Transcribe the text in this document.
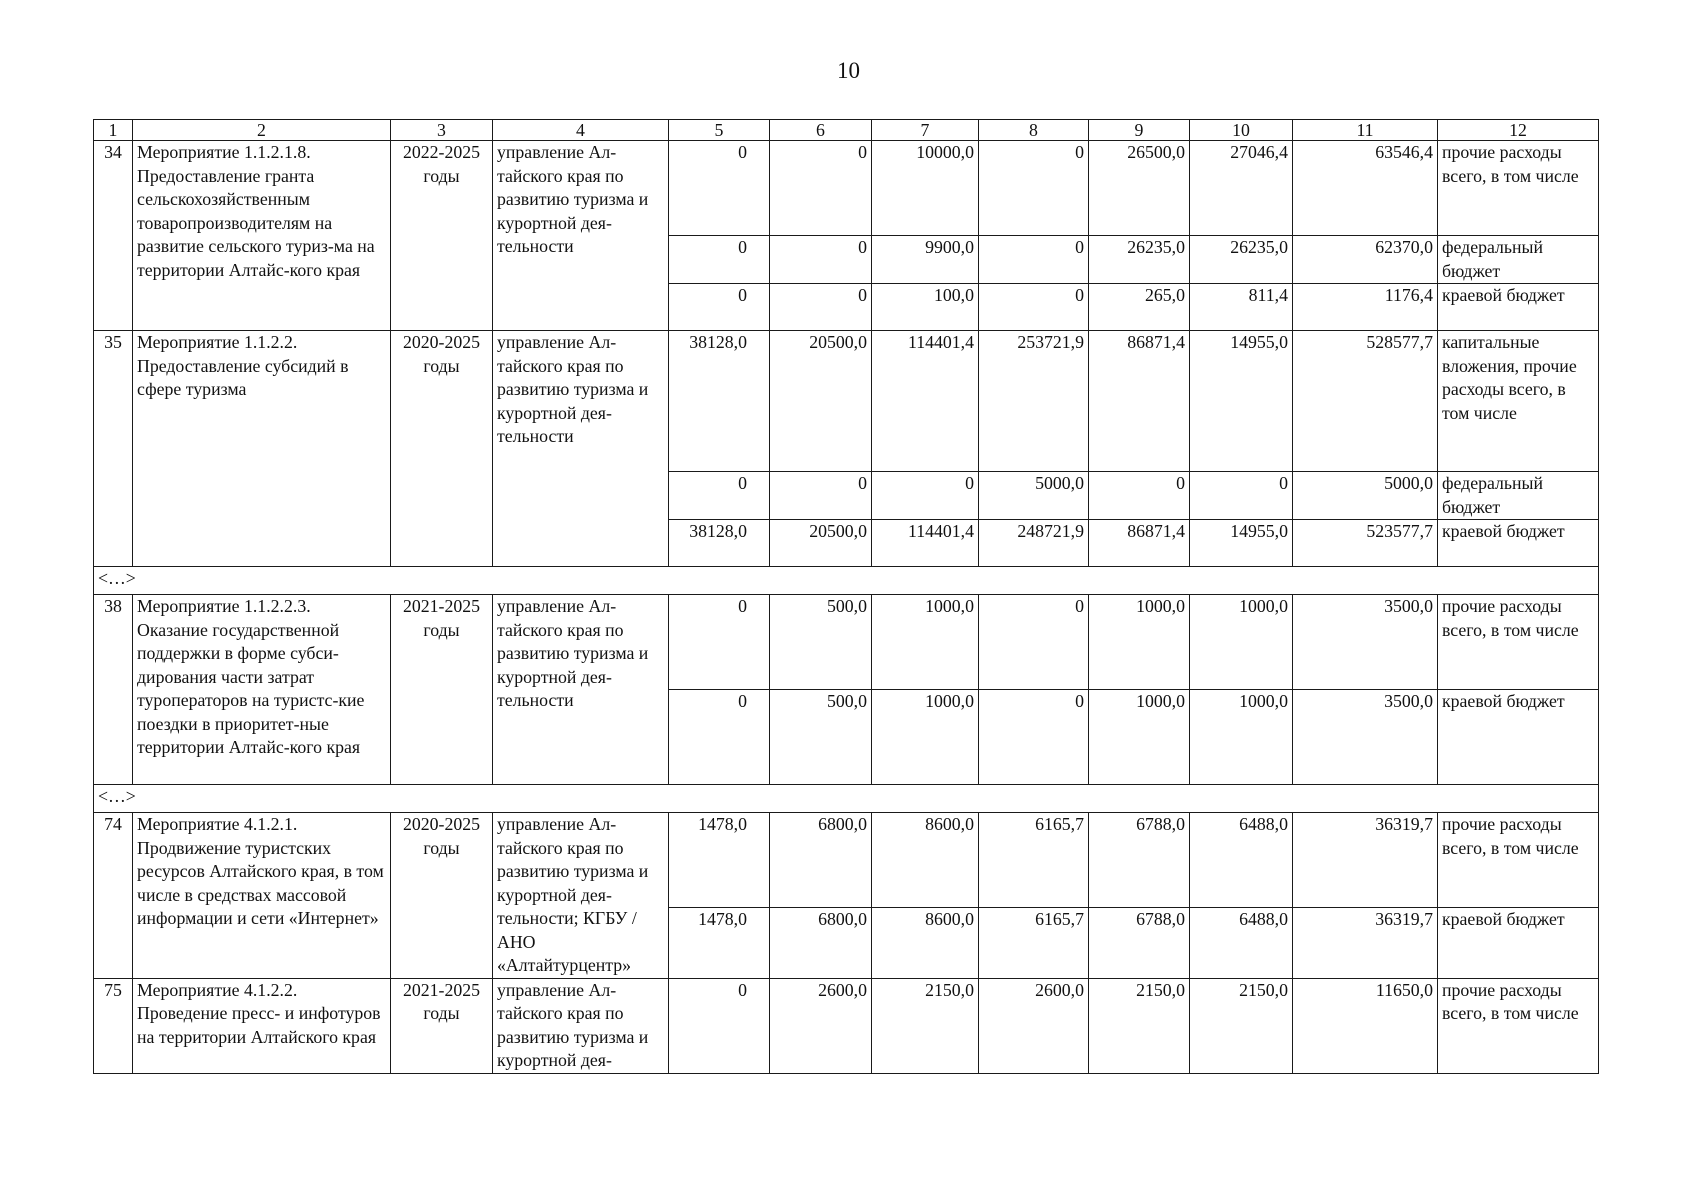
10
1	2	3	4	5	6	7	8	9	10	11	12
34	Мероприятие 1.1.2.1.8. Предоставление гранта сельскохозяйственным товаропроизводителям на развитие сельского туриз-ма на территории Алтайс-кого края	2022-2025 годы	управление Ал-тайского края по развитию туризма и курортной дея-тельности	0	0	10000,0	0	26500,0	27046,4	63546,4	прочие расходы всего, в том числе
				0	0	9900,0	0	26235,0	26235,0	62370,0	федеральный бюджет
				0	0	100,0	0	265,0	811,4	1176,4	краевой бюджет
35	Мероприятие 1.1.2.2. Предоставление субсидий в сфере туризма	2020-2025 годы	управление Ал-тайского края по развитию туризма и курортной дея-тельности	38128,0	20500,0	114401,4	253721,9	86871,4	14955,0	528577,7	капитальные вложения, прочие расходы всего, в том числе
				0	0	0	5000,0	0	0	5000,0	федеральный бюджет
				38128,0	20500,0	114401,4	248721,9	86871,4	14955,0	523577,7	краевой бюджет
<…>											
38	Мероприятие 1.1.2.2.3. Оказание государственной поддержки в форме субси-дирования части затрат туроператоров на туристс-кие поездки в приоритет-ные территории Алтайс-кого края	2021-2025 годы	управление Ал-тайского края по развитию туризма и курортной дея-тельности	0	500,0	1000,0	0	1000,0	1000,0	3500,0	прочие расходы всего, в том числе
				0	500,0	1000,0	0	1000,0	1000,0	3500,0	краевой бюджет
<…>											
74	Мероприятие 4.1.2.1. Продвижение туристских ресурсов Алтайского края, в том числе в средствах массовой информации и сети «Интернет»	2020-2025 годы	управление Ал-тайского края по развитию туризма и курортной дея-тельности; КГБУ / АНО «Алтайтурцентр»	1478,0	6800,0	8600,0	6165,7	6788,0	6488,0	36319,7	прочие расходы всего, в том числе
				1478,0	6800,0	8600,0	6165,7	6788,0	6488,0	36319,7	краевой бюджет
75	Мероприятие 4.1.2.2. Проведение пресс- и инфотуров на территории Алтайского края	2021-2025 годы	управление Ал-тайского края по развитию туризма и курортной дея-	0	2600,0	2150,0	2600,0	2150,0	2150,0	11650,0	прочие расходы всего, в том числе
